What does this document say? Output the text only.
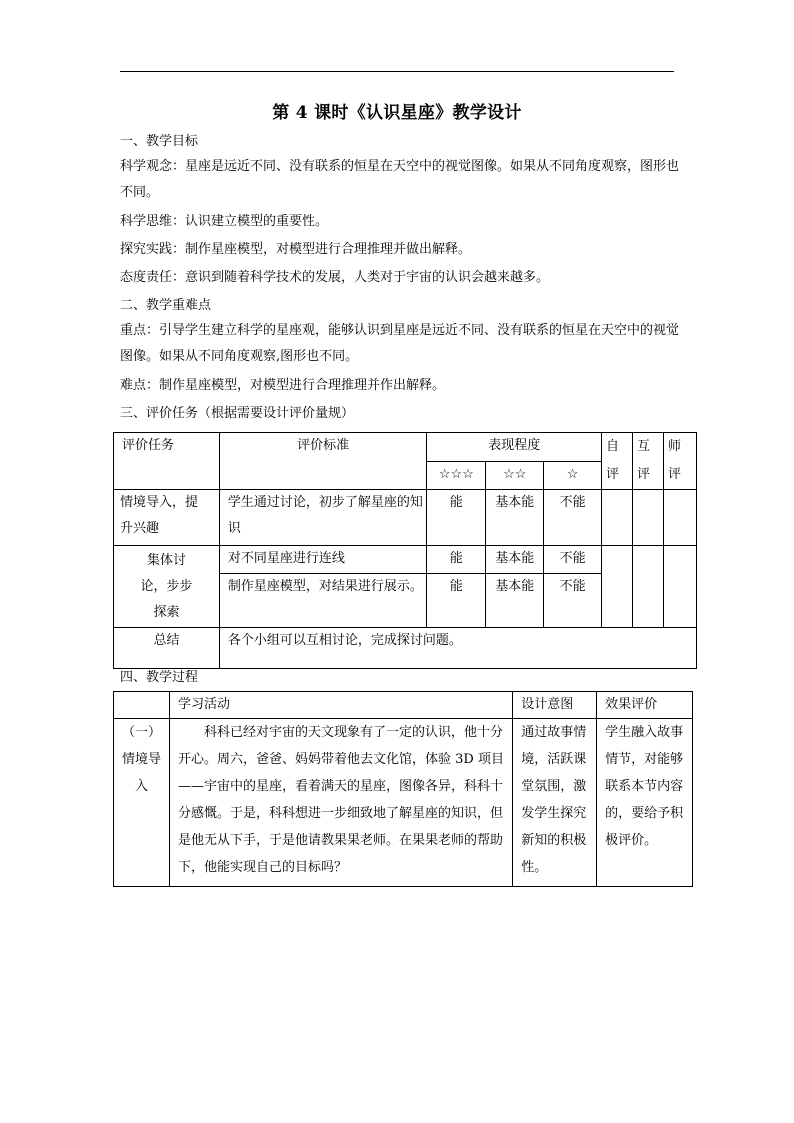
第 4 课时《认识星座》教学设计
一、教学目标
科学观念：星座是远近不同、没有联系的恒星在天空中的视觉图像。如果从不同角度观察，图形也不同。
科学思维：认识建立模型的重要性。
探究实践：制作星座模型，对模型进行合理推理并做出解释。
态度责任：意识到随着科学技术的发展，人类对于宇宙的认识会越来越多。
二、教学重难点
重点：引导学生建立科学的星座观，能够认识到星座是远近不同、没有联系的恒星在天空中的视觉图像。如果从不同角度观察,图形也不同。
难点：制作星座模型，对模型进行合理推理并作出解释。
三、评价任务（根据需要设计评价量规）
评价任务	评价标准	表现程度			自评	互评	师评
		☆☆☆	☆☆	☆			
情境导入，提升兴趣	学生通过讨论，初步了解星座的知识	能	基本能	不能			
集体讨论，步步探索	对不同星座进行连线	能	基本能	不能			
	制作星座模型，对结果进行展示。	能	基本能	不能			
总结	各个小组可以互相讨论，完成探讨问题。						
四、教学过程
	学习活动	设计意图	效果评价
（一）情境导入	科科已经对宇宙的天文现象有了一定的认识，他十分开心。周六，爸爸、妈妈带着他去文化馆，体验 3D 项目——宇宙中的星座，看着满天的星座，图像各异，科科十分感慨。于是，科科想进一步细致地了解星座的知识，但是他无从下手，于是他请教果果老师。在果果老师的帮助下，他能实现自己的目标吗？	通过故事情境，活跃课堂氛围，激发学生探究新知的积极性。	学生融入故事情节，对能够联系本节内容的，要给予积极评价。
